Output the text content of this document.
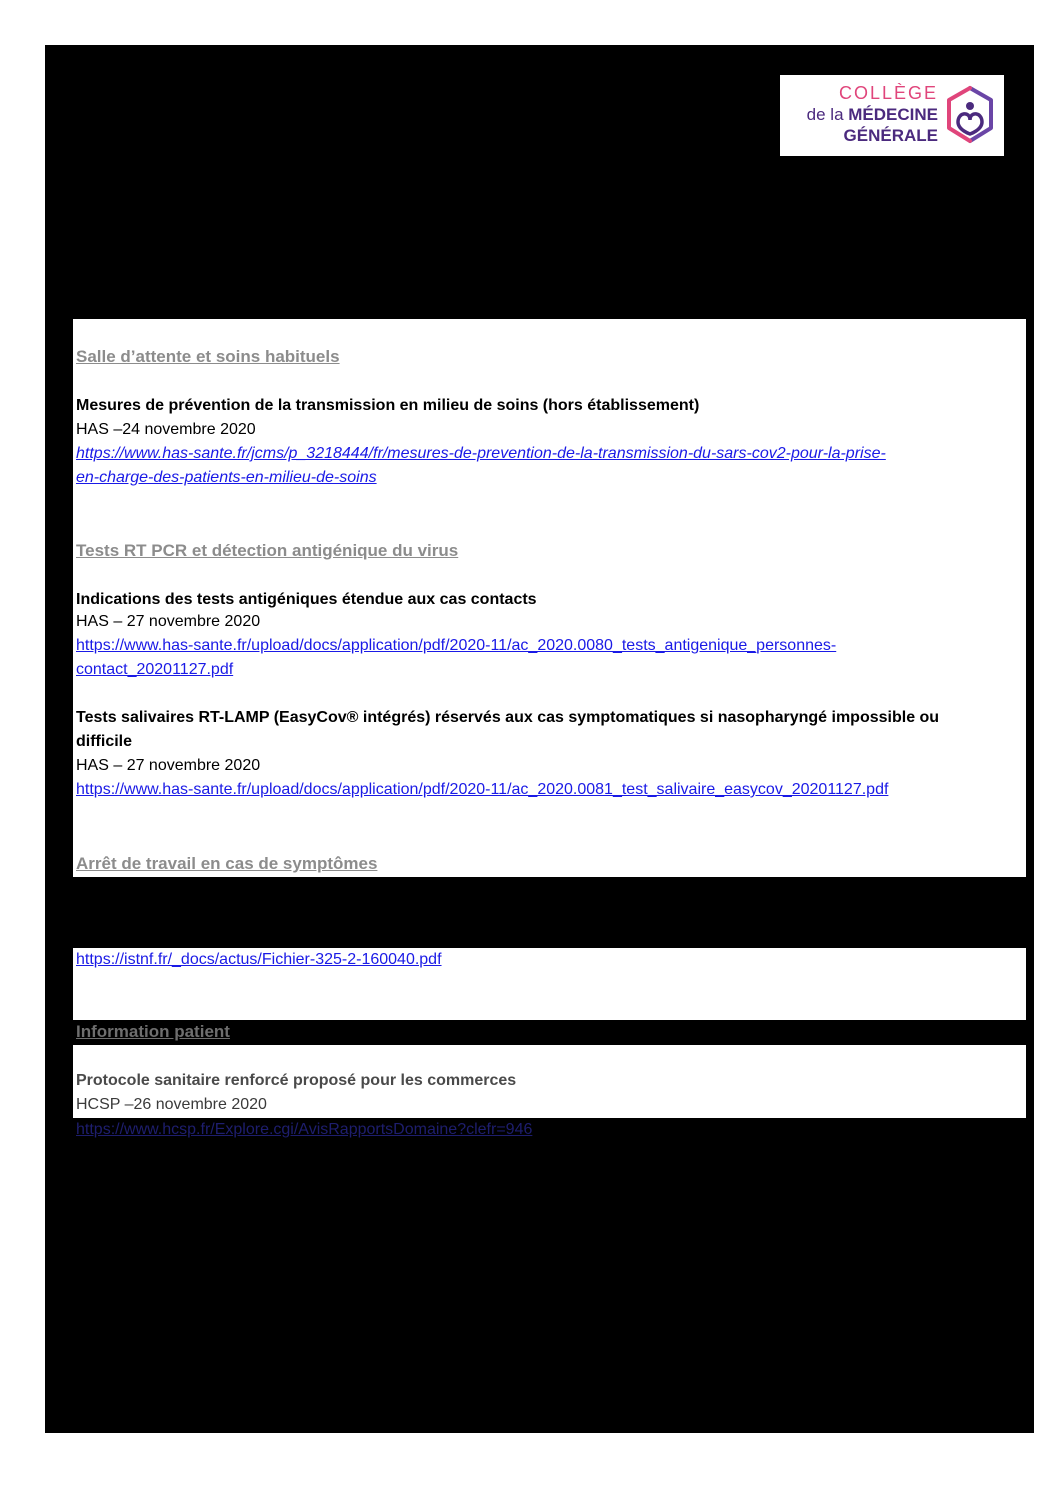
COLLÈGE
de la MÉDECINE
GÉNÉRALE

Salle d’attente et soins habituels

Mesures de prévention de la transmission en milieu de soins (hors établissement)

HAS –24 novembre 2020

https://www.has-sante.fr/jcms/p_3218444/fr/mesures-de-prevention-de-la-transmission-du-sars-cov2-pour-la-prise-
en-charge-des-patients-en-milieu-de-soins

Tests RT PCR et détection antigénique du virus

Indications des tests antigéniques étendue aux cas contacts

HAS – 27 novembre 2020

https://www.has-sante.fr/upload/docs/application/pdf/2020-11/ac_2020.0080_tests_antigenique_personnes-
contact_20201127.pdf

Tests salivaires RT-LAMP (EasyCov® intégrés) réservés aux cas symptomatiques si nasopharyngé impossible ou

difficile

HAS – 27 novembre 2020

https://www.has-sante.fr/upload/docs/application/pdf/2020-11/ac_2020.0081_test_salivaire_easycov_20201127.pdf

Arrêt de travail en cas de symptômes

https://istnf.fr/_docs/actus/Fichier-325-2-160040.pdf

Information patient

Protocole sanitaire renforcé proposé pour les commerces

HCSP –26 novembre 2020

https://www.hcsp.fr/Explore.cgi/AvisRapportsDomaine?clefr=946
